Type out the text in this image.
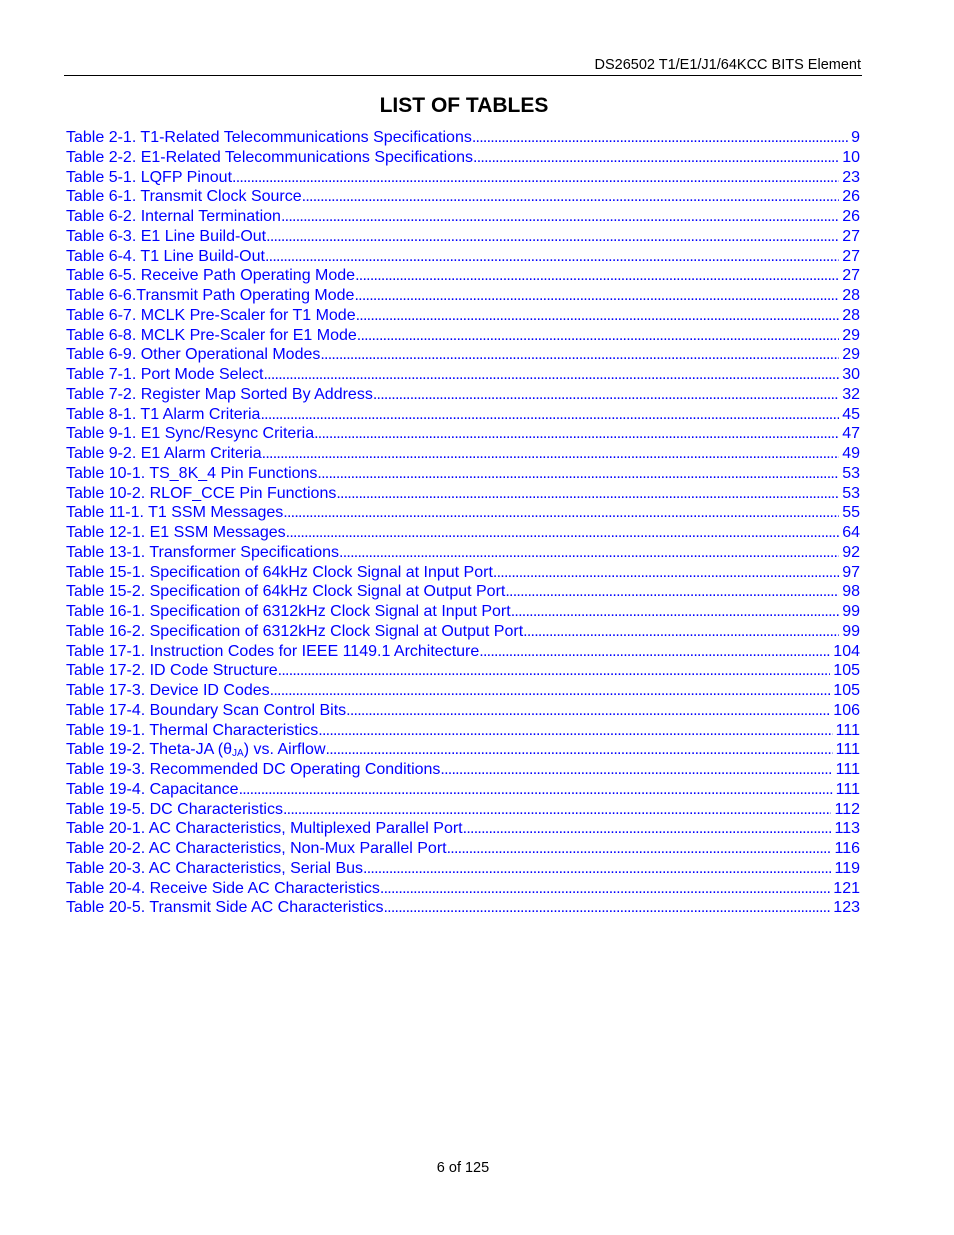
DS26502 T1/E1/J1/64KCC BITS Element
LIST OF TABLES
Table 2-1. T1-Related Telecommunications Specifications . . .	9
Table 2-2. E1-Related Telecommunications Specifications . . .	10
Table 5-1. LQFP Pinout . . .	23
Table 6-1. Transmit Clock Source . . .	26
Table 6-2. Internal Termination . . .	26
Table 6-3. E1 Line Build-Out . . .	27
Table 6-4. T1 Line Build-Out . . .	27
Table 6-5. Receive Path Operating Mode . . .	27
Table 6-6.Transmit Path Operating Mode . . .	28
Table 6-7. MCLK Pre-Scaler for T1 Mode . . .	28
Table 6-8. MCLK Pre-Scaler for E1 Mode . . .	29
Table 6-9. Other Operational Modes . . .	29
Table 7-1. Port Mode Select . . .	30
Table 7-2. Register Map Sorted By Address . . .	32
Table 8-1. T1 Alarm Criteria . . .	45
Table 9-1. E1 Sync/Resync Criteria . . .	47
Table 9-2. E1 Alarm Criteria . . .	49
Table 10-1. TS_8K_4 Pin Functions . . .	53
Table 10-2. RLOF_CCE Pin Functions . . .	53
Table 11-1. T1 SSM Messages . . .	55
Table 12-1. E1 SSM Messages . . .	64
Table 13-1. Transformer Specifications . . .	92
Table 15-1. Specification of 64kHz Clock Signal at Input Port . . .	97
Table 15-2. Specification of 64kHz Clock Signal at Output Port . . .	98
Table 16-1. Specification of 6312kHz Clock Signal at Input Port . . .	99
Table 16-2. Specification of 6312kHz Clock Signal at Output Port . . .	99
Table 17-1. Instruction Codes for IEEE 1149.1 Architecture . . .	104
Table 17-2. ID Code Structure . . .	105
Table 17-3. Device ID Codes . . .	105
Table 17-4. Boundary Scan Control Bits . . .	106
Table 19-1. Thermal Characteristics . . .	111
Table 19-2. Theta-JA $(\theta_{JA})$ vs. Airflow . . .	111
Table 19-3. Recommended DC Operating Conditions . . .	111
Table 19-4. Capacitance . . .	111
Table 19-5. DC Characteristics . . .	112
Table 20-1. AC Characteristics, Multiplexed Parallel Port . . .	113
Table 20-2. AC Characteristics, Non-Mux Parallel Port . . .	116
Table 20-3. AC Characteristics, Serial Bus . . .	119
Table 20-4. Receive Side AC Characteristics . . .	121
Table 20-5. Transmit Side AC Characteristics . . .	123
6 of 125
